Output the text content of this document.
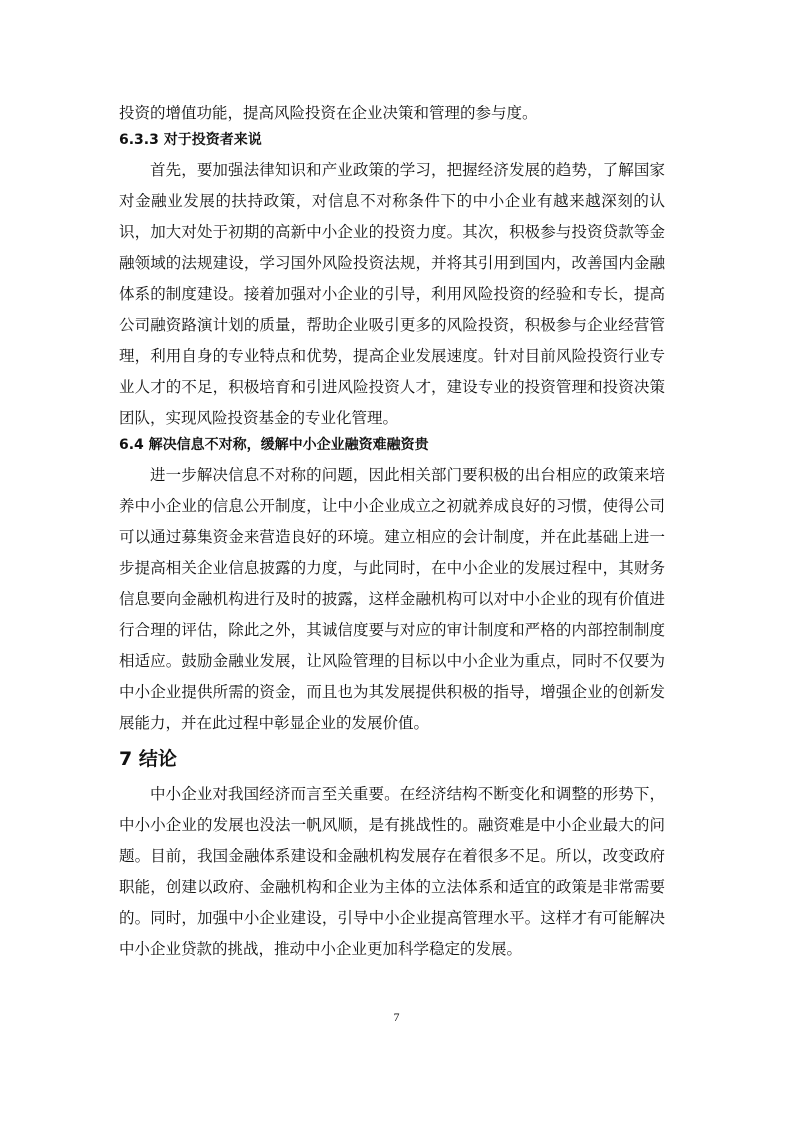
投资的增值功能，提高风险投资在企业决策和管理的参与度。

6.3.3 对于投资者来说

首先，要加强法律知识和产业政策的学习，把握经济发展的趋势，了解国家对金融业发展的扶持政策，对信息不对称条件下的中小企业有越来越深刻的认识，加大对处于初期的高新中小企业的投资力度。其次，积极参与投资贷款等金融领域的法规建设，学习国外风险投资法规，并将其引用到国内，改善国内金融体系的制度建设。接着加强对小企业的引导，利用风险投资的经验和专长，提高公司融资路演计划的质量，帮助企业吸引更多的风险投资，积极参与企业经营管理，利用自身的专业特点和优势，提高企业发展速度。针对目前风险投资行业专业人才的不足，积极培育和引进风险投资人才，建设专业的投资管理和投资决策团队，实现风险投资基金的专业化管理。

6.4 解决信息不对称，缓解中小企业融资难融资贵

进一步解决信息不对称的问题，因此相关部门要积极的出台相应的政策来培养中小企业的信息公开制度，让中小企业成立之初就养成良好的习惯，使得公司可以通过募集资金来营造良好的环境。建立相应的会计制度，并在此基础上进一步提高相关企业信息披露的力度，与此同时，在中小企业的发展过程中，其财务信息要向金融机构进行及时的披露，这样金融机构可以对中小企业的现有价值进行合理的评估，除此之外，其诚信度要与对应的审计制度和严格的内部控制制度相适应。鼓励金融业发展，让风险管理的目标以中小企业为重点，同时不仅要为中小企业提供所需的资金，而且也为其发展提供积极的指导，增强企业的创新发展能力，并在此过程中彰显企业的发展价值。

7 结论

中小企业对我国经济而言至关重要。在经济结构不断变化和调整的形势下，中小小企业的发展也没法一帆风顺，是有挑战性的。融资难是中小企业最大的问题。目前，我国金融体系建设和金融机构发展存在着很多不足。所以，改变政府职能，创建以政府、金融机构和企业为主体的立法体系和适宜的政策是非常需要的。同时，加强中小企业建设，引导中小企业提高管理水平。这样才有可能解决中小企业贷款的挑战，推动中小企业更加科学稳定的发展。

7
